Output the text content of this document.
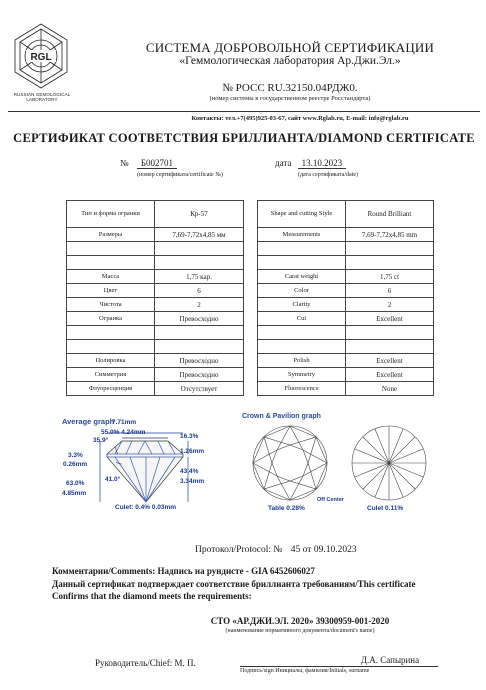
RGL
RUSSIAN GEMOLOGICAL LABORATORY
СИСТЕМА ДОБРОВОЛЬНОЙ СЕРТИФИКАЦИИ
«Геммологическая лаборатория Ар.Джи.Эл.»
№ РОСС RU.32150.04РДЖ0.
(номер системы в государственном реестре Росстандарта)
Контакты: тел.+7(495)925-03-67, сайт www.Rglab.ru, E-mail: info@rglab.ru
СЕРТИФИКАТ СООТВЕТСТВИЯ БРИЛЛИАНТА/DIAMOND CERTIFICATE
№ Б002701
(номер сертификата/certificate №)
дата 13.10.2023
(дата сертификата/date)
Тип и форма огранки	Кр-57
Размеры	7,69-7,72х4,85 мм

Масса	1,75 кар.
Цвет	6
Чистота	2
Огранка	Превосходно

Полировка	Превосходно
Симметрия	Превосходно
Флуоресценция	Отсутствует
Shape and cutting Style	Round Brilliant
Measurements	7,69-7,72х4,85 mm

Carat weight	1,75 ct
Color	6
Clarity	2
Cut	Excellent

Polish	Excellent
Symmetry	Excellent
Fluorescence	None
Average graph
Crown & Pavilion graph
7.71mm
55.0% 4.24mm
35.9°
16.3%
1.26mm
3.3%
0.26mm
41.0°
43.4%
3.34mm
63.0%
4.85mm
Culet: 0.4% 0.03mm
Off Center
Table 0.28%	Culet 0.11%
Протокол/Protocol: № 45 от 09.10.2023
Комментарии/Comments: Надпись на рундисте - GIA 6452606027
Данный сертификат подтверждает соответствие бриллианта требованиям/This certificate
Confirms that the diamond meets the requirements:
СТО «АР.ДЖИ.ЭЛ. 2020» 39300959-001-2020
(наименование нормативного документа/document's name)
Руководитель/Chief: М. П.	Д.А. Сапырина
Подпись/sign Инициалы, фамилия/Initials, surname
